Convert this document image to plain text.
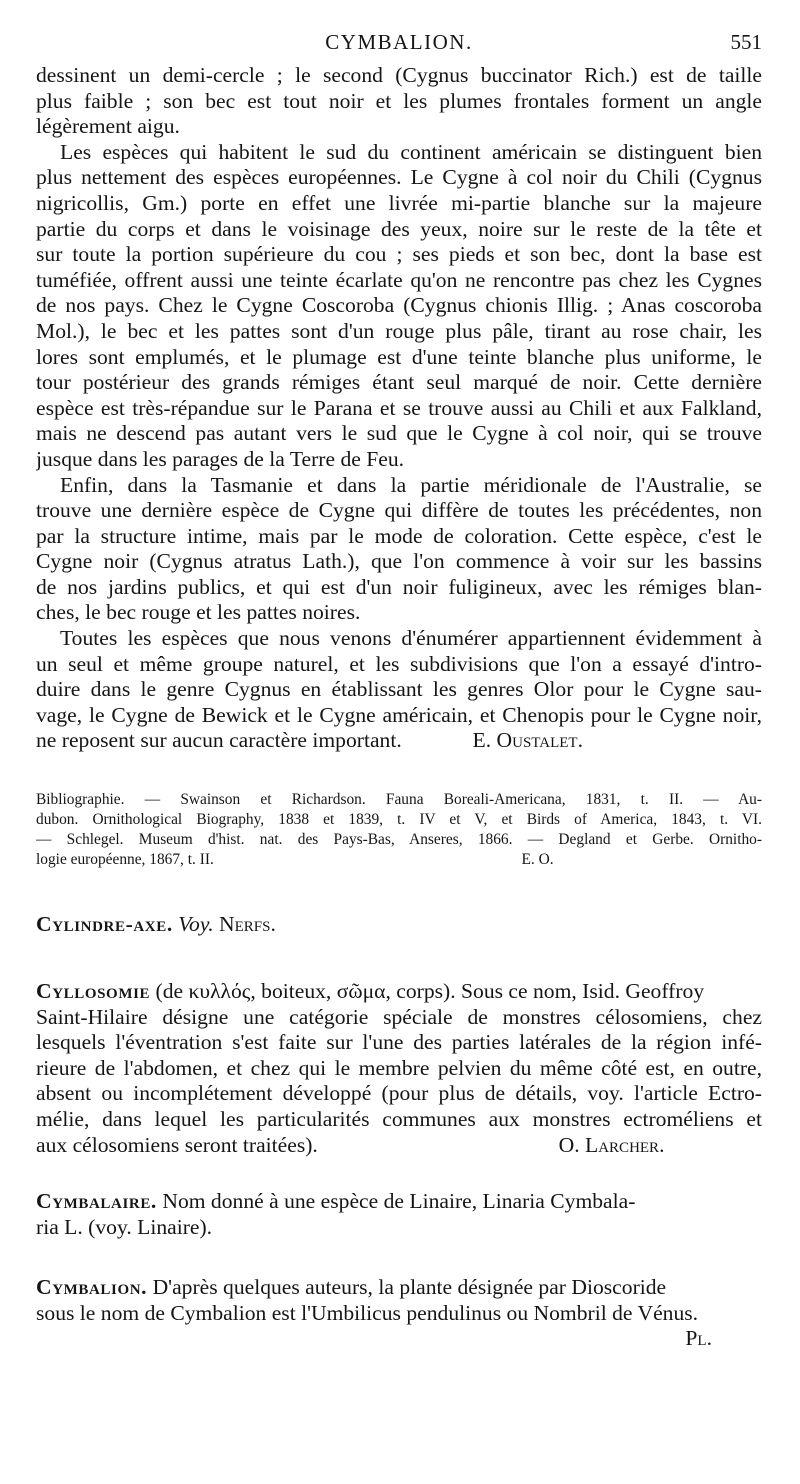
CYMBALION.	551
dessinent un demi-cercle ; le second (Cygnus buccinator Rich.) est de taille
plus faible ; son bec est tout noir et les plumes frontales forment un angle
légèrement aigu.
Les espèces qui habitent le sud du continent américain se distinguent bien
plus nettement des espèces européennes. Le Cygne à col noir du Chili (Cygnus
nigricollis, Gm.) porte en effet une livrée mi-partie blanche sur la majeure
partie du corps et dans le voisinage des yeux, noire sur le reste de la tête et
sur toute la portion supérieure du cou ; ses pieds et son bec, dont la base est
tuméfiée, offrent aussi une teinte écarlate qu'on ne rencontre pas chez les Cygnes
de nos pays. Chez le Cygne Coscoroba (Cygnus chionis Illig. ; Anas coscoroba
Mol.), le bec et les pattes sont d'un rouge plus pâle, tirant au rose chair, les
lores sont emplumés, et le plumage est d'une teinte blanche plus uniforme, le
tour postérieur des grands rémiges étant seul marqué de noir. Cette dernière
espèce est très-répandue sur le Parana et se trouve aussi au Chili et aux Falkland,
mais ne descend pas autant vers le sud que le Cygne à col noir, qui se trouve
jusque dans les parages de la Terre de Feu.
Enfin, dans la Tasmanie et dans la partie méridionale de l'Australie, se
trouve une dernière espèce de Cygne qui diffère de toutes les précédentes, non
par la structure intime, mais par le mode de coloration. Cette espèce, c'est le
Cygne noir (Cygnus atratus Lath.), que l'on commence à voir sur les bassins
de nos jardins publics, et qui est d'un noir fuligineux, avec les rémiges blan-
ches, le bec rouge et les pattes noires.
Toutes les espèces que nous venons d'énumérer appartiennent évidemment à
un seul et même groupe naturel, et les subdivisions que l'on a essayé d'intro-
duire dans le genre Cygnus en établissant les genres Olor pour le Cygne sau-
vage, le Cygne de Bewick et le Cygne américain, et Chenopis pour le Cygne noir,
ne reposent sur aucun caractère important.	E. Oustalet.
Bibliographie. — Swainson et Richardson. Fauna Boreali-Americana, 1831, t. II. — Au-
dubon. Ornithological Biography, 1838 et 1839, t. IV et V, et Birds of America, 1843, t. VI.
— Schlegel. Museum d'hist. nat. des Pays-Bas, Anseres, 1866. — Degland et Gerbe. Ornitho-
logie européenne, 1867, t. II.	E. O.
Cylindre-axe. Voy. Nerfs.
Cyllosomie (de κυλλός, boiteux, σῶμα, corps). Sous ce nom, Isid. Geoffroy
Saint-Hilaire désigne une catégorie spéciale de monstres célosomiens, chez
lesquels l'éventration s'est faite sur l'une des parties latérales de la région infé-
rieure de l'abdomen, et chez qui le membre pelvien du même côté est, en outre,
absent ou incomplétement développé (pour plus de détails, voy. l'article Ectro-
mélie, dans lequel les particularités communes aux monstres ectroméliens et
aux célosomiens seront traitées).	O. Larcher.
Cymbalaire. Nom donné à une espèce de Linaire, Linaria Cymbala-
ria L. (voy. Linaire).
Cymbalion. D'après quelques auteurs, la plante désignée par Dioscoride
sous le nom de Cymbalion est l'Umbilicus pendulinus ou Nombril de Vénus.
Pl.
